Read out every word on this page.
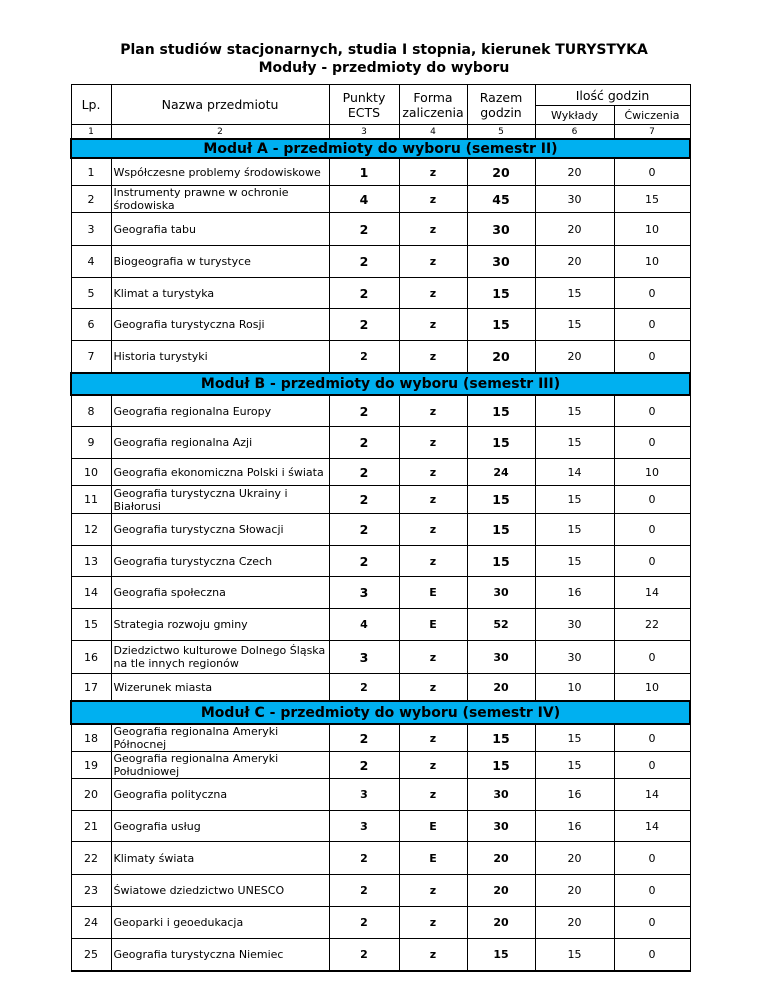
Plan studiów stacjonarnych, studia I stopnia, kierunek TURYSTYKA
Moduły - przedmioty do wyboru
Lp.	Nazwa przedmiotu	Punkty ECTS	Forma zaliczenia	Razem godzin	Ilość godzin	
					Wykłady	Ćwiczenia
1	2	3	4	5	6	7
Moduł A - przedmioty do wyboru (semestr II)						
1	Współczesne problemy środowiskowe	1	z	20	20	0
2	Instrumenty prawne w ochronie środowiska	4	z	45	30	15
3	Geografia tabu	2	z	30	20	10
4	Biogeografia w turystyce	2	z	30	20	10
5	Klimat a turystyka	2	z	15	15	0
6	Geografia turystyczna Rosji	2	z	15	15	0
7	Historia turystyki	2	z	20	20	0
Moduł B - przedmioty do wyboru (semestr III)						
8	Geografia regionalna Europy	2	z	15	15	0
9	Geografia regionalna Azji	2	z	15	15	0
10	Geografia ekonomiczna Polski i świata	2	z	24	14	10
11	Geografia turystyczna Ukrainy i Białorusi	2	z	15	15	0
12	Geografia turystyczna Słowacji	2	z	15	15	0
13	Geografia turystyczna Czech	2	z	15	15	0
14	Geografia społeczna	3	E	30	16	14
15	Strategia rozwoju gminy	4	E	52	30	22
16	Dziedzictwo kulturowe Dolnego Śląska na tle innych regionów	3	z	30	30	0
17	Wizerunek miasta	2	z	20	10	10
Moduł C - przedmioty do wyboru (semestr IV)						
18	Geografia regionalna Ameryki Północnej	2	z	15	15	0
19	Geografia regionalna Ameryki Południowej	2	z	15	15	0
20	Geografia polityczna	3	z	30	16	14
21	Geografia usług	3	E	30	16	14
22	Klimaty świata	2	E	20	20	0
23	Światowe dziedzictwo UNESCO	2	z	20	20	0
24	Geoparki i geoedukacja	2	z	20	20	0
25	Geografia turystyczna Niemiec	2	z	15	15	0
